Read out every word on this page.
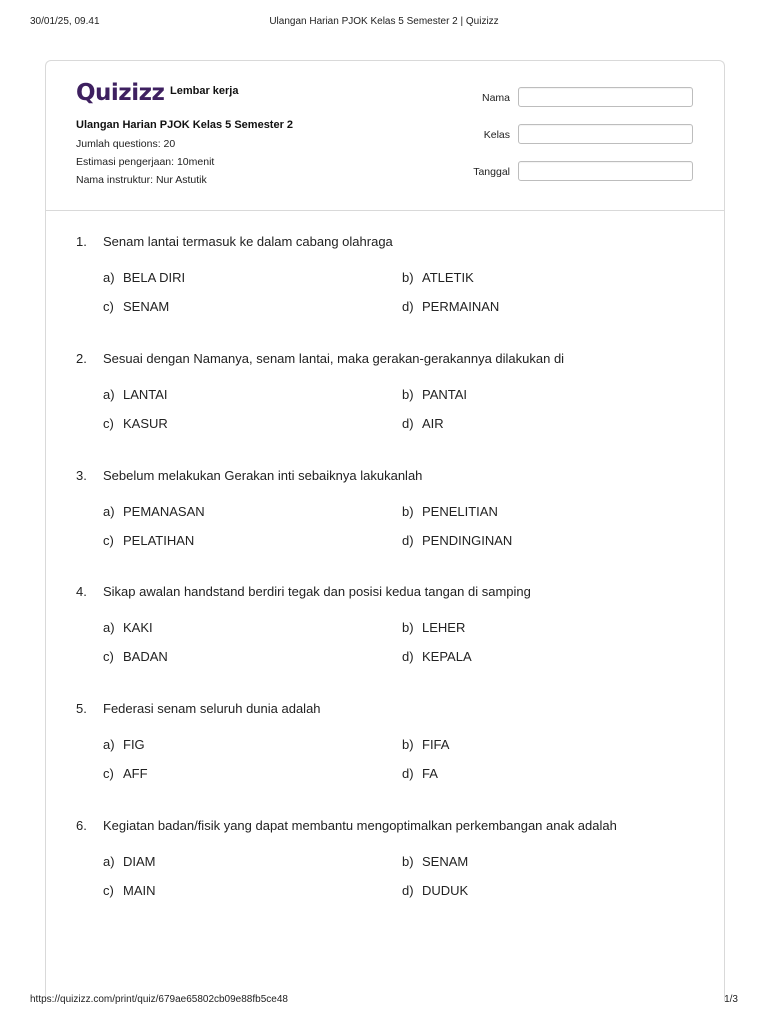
30/01/25, 09.41	Ulangan Harian PJOK Kelas 5 Semester 2 | Quizizz
Quizizz Lembar kerja
Ulangan Harian PJOK Kelas 5 Semester 2
Jumlah questions: 20
Estimasi pengerjaan: 10menit
Nama instruktur: Nur Astutik
Nama
Kelas
Tanggal
1. Senam lantai termasuk ke dalam cabang olahraga
a) BELA DIRI	b) ATLETIK
c) SENAM	d) PERMAINAN
2. Sesuai dengan Namanya, senam lantai, maka gerakan-gerakannya dilakukan di
a) LANTAI	b) PANTAI
c) KASUR	d) AIR
3. Sebelum melakukan Gerakan inti sebaiknya lakukanlah
a) PEMANASAN	b) PENELITIAN
c) PELATIHAN	d) PENDINGINAN
4. Sikap awalan handstand berdiri tegak dan posisi kedua tangan di samping
a) KAKI	b) LEHER
c) BADAN	d) KEPALA
5. Federasi senam seluruh dunia adalah
a) FIG	b) FIFA
c) AFF	d) FA
6. Kegiatan badan/fisik yang dapat membantu mengoptimalkan perkembangan anak adalah
a) DIAM	b) SENAM
c) MAIN	d) DUDUK
https://quizizz.com/print/quiz/679ae65802cb09e88fb5ce48	1/3
